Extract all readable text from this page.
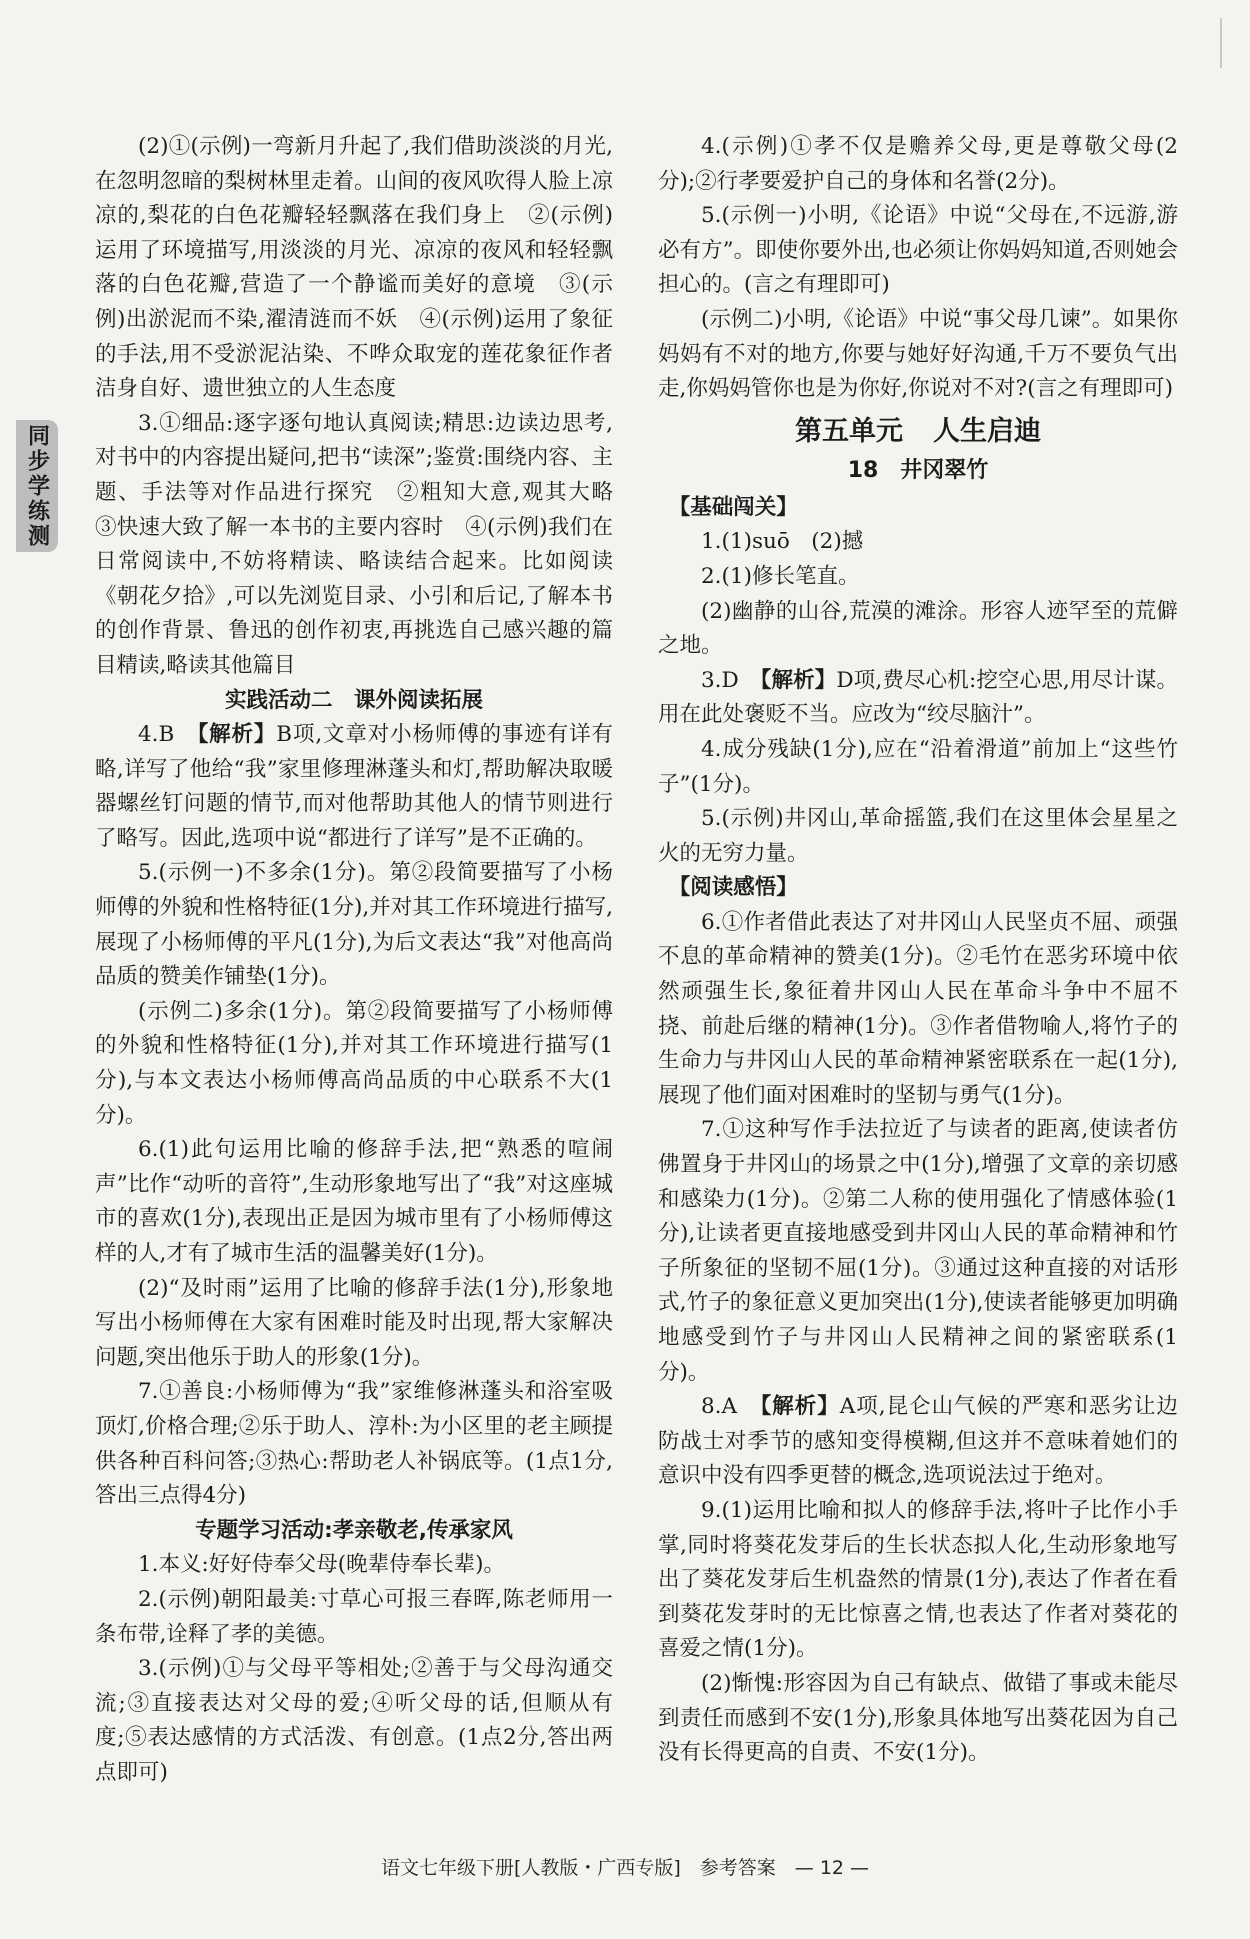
同步学练测

(2)①(示例)一弯新月升起了,我们借助淡淡的月光,在忽明忽暗的梨树林里走着。山间的夜风吹得人脸上凉凉的,梨花的白色花瓣轻轻飘落在我们身上　②(示例)运用了环境描写,用淡淡的月光、凉凉的夜风和轻轻飘落的白色花瓣,营造了一个静谧而美好的意境　③(示例)出淤泥而不染,濯清涟而不妖　④(示例)运用了象征的手法,用不受淤泥沾染、不哗众取宠的莲花象征作者洁身自好、遗世独立的人生态度

3.①细品:逐字逐句地认真阅读;精思:边读边思考,对书中的内容提出疑问,把书“读深”;鉴赏:围绕内容、主题、手法等对作品进行探究　②粗知大意,观其大略　③快速大致了解一本书的主要内容时　④(示例)我们在日常阅读中,不妨将精读、略读结合起来。比如阅读《朝花夕拾》,可以先浏览目录、小引和后记,了解本书的创作背景、鲁迅的创作初衷,再挑选自己感兴趣的篇目精读,略读其他篇目

实践活动二　课外阅读拓展

4.B　【解析】B项,文章对小杨师傅的事迹有详有略,详写了他给“我”家里修理淋蓬头和灯,帮助解决取暖器螺丝钉问题的情节,而对他帮助其他人的情节则进行了略写。因此,选项中说“都进行了详写”是不正确的。

5.(示例一)不多余(1分)。第②段简要描写了小杨师傅的外貌和性格特征(1分),并对其工作环境进行描写,展现了小杨师傅的平凡(1分),为后文表达“我”对他高尚品质的赞美作铺垫(1分)。

(示例二)多余(1分)。第②段简要描写了小杨师傅的外貌和性格特征(1分),并对其工作环境进行描写(1分),与本文表达小杨师傅高尚品质的中心联系不大(1分)。

6.(1)此句运用比喻的修辞手法,把“熟悉的喧闹声”比作“动听的音符”,生动形象地写出了“我”对这座城市的喜欢(1分),表现出正是因为城市里有了小杨师傅这样的人,才有了城市生活的温馨美好(1分)。

(2)“及时雨”运用了比喻的修辞手法(1分),形象地写出小杨师傅在大家有困难时能及时出现,帮大家解决问题,突出他乐于助人的形象(1分)。

7.①善良:小杨师傅为“我”家维修淋蓬头和浴室吸顶灯,价格合理;②乐于助人、淳朴:为小区里的老主顾提供各种百科问答;③热心:帮助老人补锅底等。(1点1分,答出三点得4分)

专题学习活动:孝亲敬老,传承家风

1.本义:好好侍奉父母(晚辈侍奉长辈)。

2.(示例)朝阳最美:寸草心可报三春晖,陈老师用一条布带,诠释了孝的美德。

3.(示例)①与父母平等相处;②善于与父母沟通交流;③直接表达对父母的爱;④听父母的话,但顺从有度;⑤表达感情的方式活泼、有创意。(1点2分,答出两点即可)

4.(示例)①孝不仅是赡养父母,更是尊敬父母(2分);②行孝要爱护自己的身体和名誉(2分)。

5.(示例一)小明,《论语》中说“父母在,不远游,游必有方”。即使你要外出,也必须让你妈妈知道,否则她会担心的。(言之有理即可)

(示例二)小明,《论语》中说“事父母几谏”。如果你妈妈有不对的地方,你要与她好好沟通,千万不要负气出走,你妈妈管你也是为你好,你说对不对?(言之有理即可)

第五单元 人生启迪
18　井冈翠竹
【基础闯关】

1.(1)suō　(2)撼

2.(1)修长笔直。

(2)幽静的山谷,荒漠的滩涂。形容人迹罕至的荒僻之地。

3.D　【解析】D项,费尽心机:挖空心思,用尽计谋。用在此处褒贬不当。应改为“绞尽脑汁”。

4.成分残缺(1分),应在“沿着滑道”前加上“这些竹子”(1分)。

5.(示例)井冈山,革命摇篮,我们在这里体会星星之火的无穷力量。

【阅读感悟】

6.①作者借此表达了对井冈山人民坚贞不屈、顽强不息的革命精神的赞美(1分)。②毛竹在恶劣环境中依然顽强生长,象征着井冈山人民在革命斗争中不屈不挠、前赴后继的精神(1分)。③作者借物喻人,将竹子的生命力与井冈山人民的革命精神紧密联系在一起(1分),展现了他们面对困难时的坚韧与勇气(1分)。

7.①这种写作手法拉近了与读者的距离,使读者仿佛置身于井冈山的场景之中(1分),增强了文章的亲切感和感染力(1分)。②第二人称的使用强化了情感体验(1分),让读者更直接地感受到井冈山人民的革命精神和竹子所象征的坚韧不屈(1分)。③通过这种直接的对话形式,竹子的象征意义更加突出(1分),使读者能够更加明确地感受到竹子与井冈山人民精神之间的紧密联系(1分)。

8.A　【解析】A项,昆仑山气候的严寒和恶劣让边防战士对季节的感知变得模糊,但这并不意味着她们的意识中没有四季更替的概念,选项说法过于绝对。

9.(1)运用比喻和拟人的修辞手法,将叶子比作小手掌,同时将葵花发芽后的生长状态拟人化,生动形象地写出了葵花发芽后生机盎然的情景(1分),表达了作者在看到葵花发芽时的无比惊喜之情,也表达了作者对葵花的喜爱之情(1分)。

(2)惭愧:形容因为自己有缺点、做错了事或未能尽到责任而感到不安(1分),形象具体地写出葵花因为自己没有长得更高的自责、不安(1分)。

语文七年级下册[人教版・广西专版]　参考答案　— 12 —
